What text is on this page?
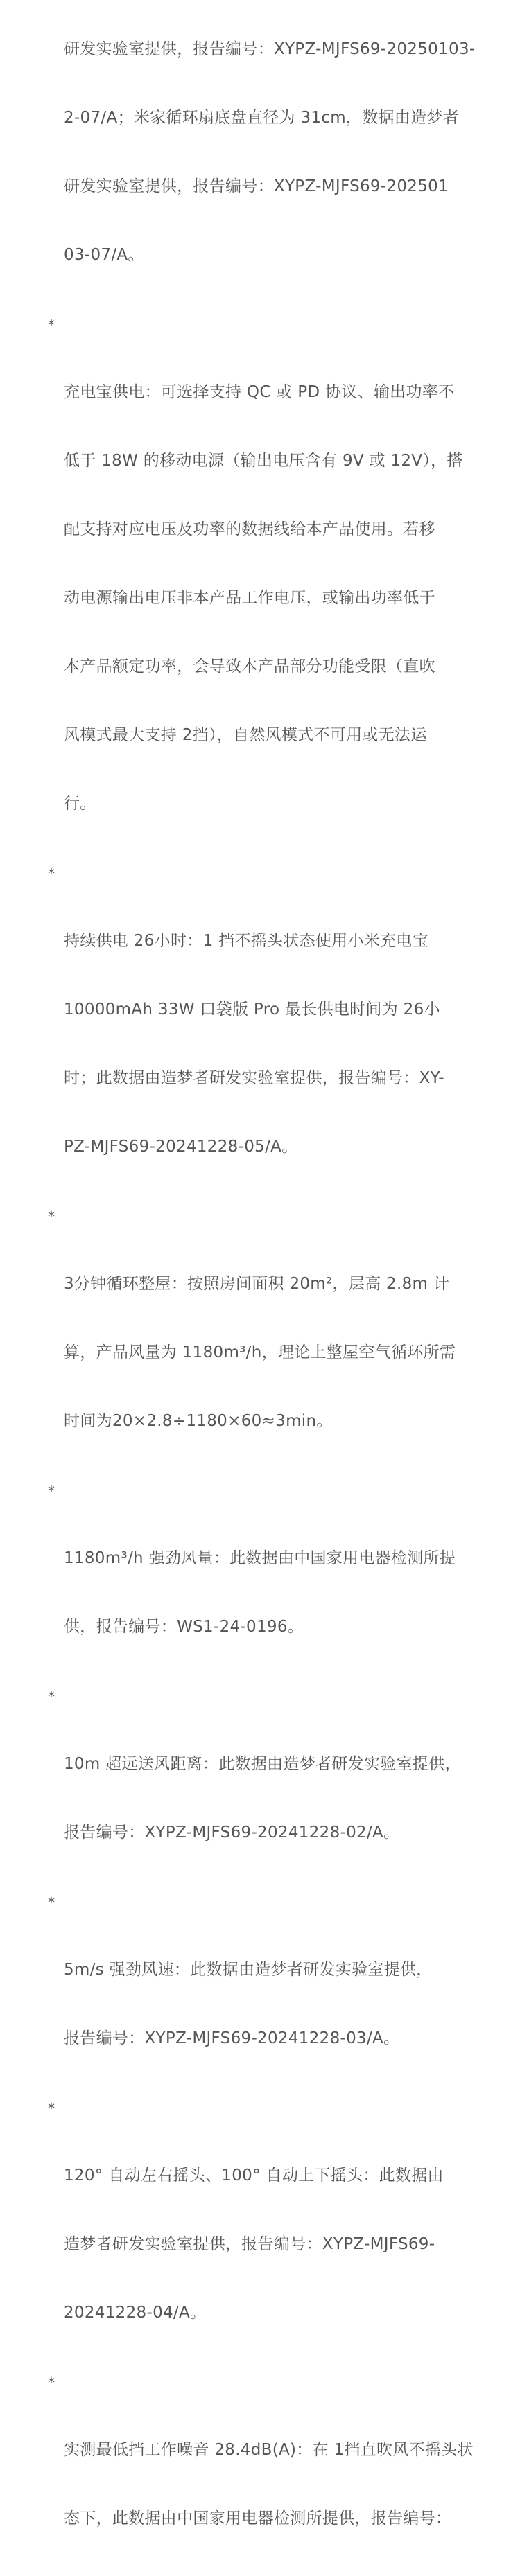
研发实验室提供，报告编号：XYPZ-MJFS69-20250103-

2-07/A；米家循环扇底盘直径为 31cm，数据由造梦者

研发实验室提供，报告编号：XYPZ-MJFS69-202501

03-07/A。

*

充电宝供电：可选择支持 QC 或 PD 协议、输出功率不

低于 18W 的移动电源（输出电压含有 9V 或 12V），搭

配支持对应电压及功率的数据线给本产品使用。若移

动电源输出电压非本产品工作电压，或输出功率低于

本产品额定功率，会导致本产品部分功能受限（直吹

风模式最大支持 2挡），自然风模式不可用或无法运

行。

*

持续供电 26小时：1 挡不摇头状态使用小米充电宝

10000mAh 33W 口袋版 Pro 最长供电时间为 26小

时；此数据由造梦者研发实验室提供，报告编号：XY-

PZ-MJFS69-20241228-05/A。

*

3分钟循环整屋：按照房间面积 20m²，层高 2.8m 计

算，产品风量为 1180m³/h，理论上整屋空气循环所需

时间为20×2.8÷1180×60≈3min。

*

1180m³/h 强劲风量：此数据由中国家用电器检测所提

供，报告编号：WS1-24-0196。

*

10m 超远送风距离：此数据由造梦者研发实验室提供，

报告编号：XYPZ-MJFS69-20241228-02/A。

*

5m/s 强劲风速：此数据由造梦者研发实验室提供，

报告编号：XYPZ-MJFS69-20241228-03/A。

*

120° 自动左右摇头、100° 自动上下摇头：此数据由

造梦者研发实验室提供，报告编号：XYPZ-MJFS69-

20241228-04/A。

*

实测最低挡工作噪音 28.4dB(A)：在 1挡直吹风不摇头状

态下，此数据由中国家用电器检测所提供，报告编号：
